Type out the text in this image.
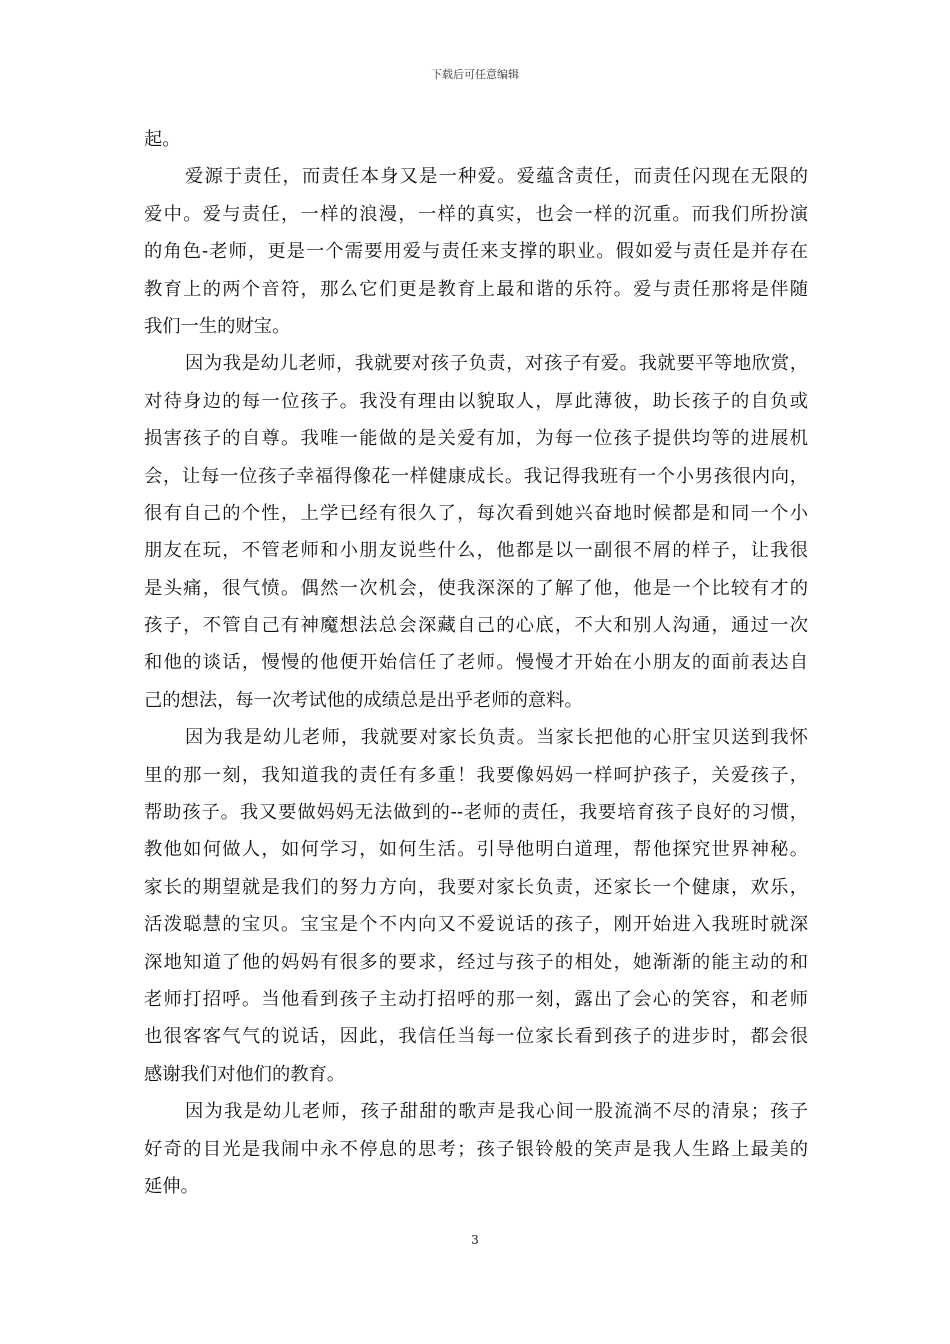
下载后可任意编辑
起。
爱源于责任，而责任本身又是一种爱。爱蕴含责任，而责任闪现在无限的
爱中。爱与责任，一样的浪漫，一样的真实，也会一样的沉重。而我们所扮演
的角色-老师，更是一个需要用爱与责任来支撑的职业。假如爱与责任是并存在
教育上的两个音符，那么它们更是教育上最和谐的乐符。爱与责任那将是伴随
我们一生的财宝。
因为我是幼儿老师，我就要对孩子负责，对孩子有爱。我就要平等地欣赏，
对待身边的每一位孩子。我没有理由以貌取人，厚此薄彼，助长孩子的自负或
损害孩子的自尊。我唯一能做的是关爱有加，为每一位孩子提供均等的进展机
会，让每一位孩子幸福得像花一样健康成长。我记得我班有一个小男孩很内向，
很有自己的个性，上学已经有很久了，每次看到她兴奋地时候都是和同一个小
朋友在玩，不管老师和小朋友说些什么，他都是以一副很不屑的样子，让我很
是头痛，很气愤。偶然一次机会，使我深深的了解了他，他是一个比较有才的
孩子，不管自己有神魔想法总会深藏自己的心底，不大和别人沟通，通过一次
和他的谈话，慢慢的他便开始信任了老师。慢慢才开始在小朋友的面前表达自
己的想法，每一次考试他的成绩总是出乎老师的意料。
因为我是幼儿老师，我就要对家长负责。当家长把他的心肝宝贝送到我怀
里的那一刻，我知道我的责任有多重！我要像妈妈一样呵护孩子，关爱孩子，
帮助孩子。我又要做妈妈无法做到的--老师的责任，我要培育孩子良好的习惯，
教他如何做人，如何学习，如何生活。引导他明白道理，帮他探究世界神秘。
家长的期望就是我们的努力方向，我要对家长负责，还家长一个健康，欢乐，
活泼聪慧的宝贝。宝宝是个不内向又不爱说话的孩子，刚开始进入我班时就深
深地知道了他的妈妈有很多的要求，经过与孩子的相处，她渐渐的能主动的和
老师打招呼。当他看到孩子主动打招呼的那一刻，露出了会心的笑容，和老师
也很客客气气的说话，因此，我信任当每一位家长看到孩子的进步时，都会很
感谢我们对他们的教育。
因为我是幼儿老师，孩子甜甜的歌声是我心间一股流淌不尽的清泉；孩子
好奇的目光是我闹中永不停息的思考；孩子银铃般的笑声是我人生路上最美的
延伸。
3
